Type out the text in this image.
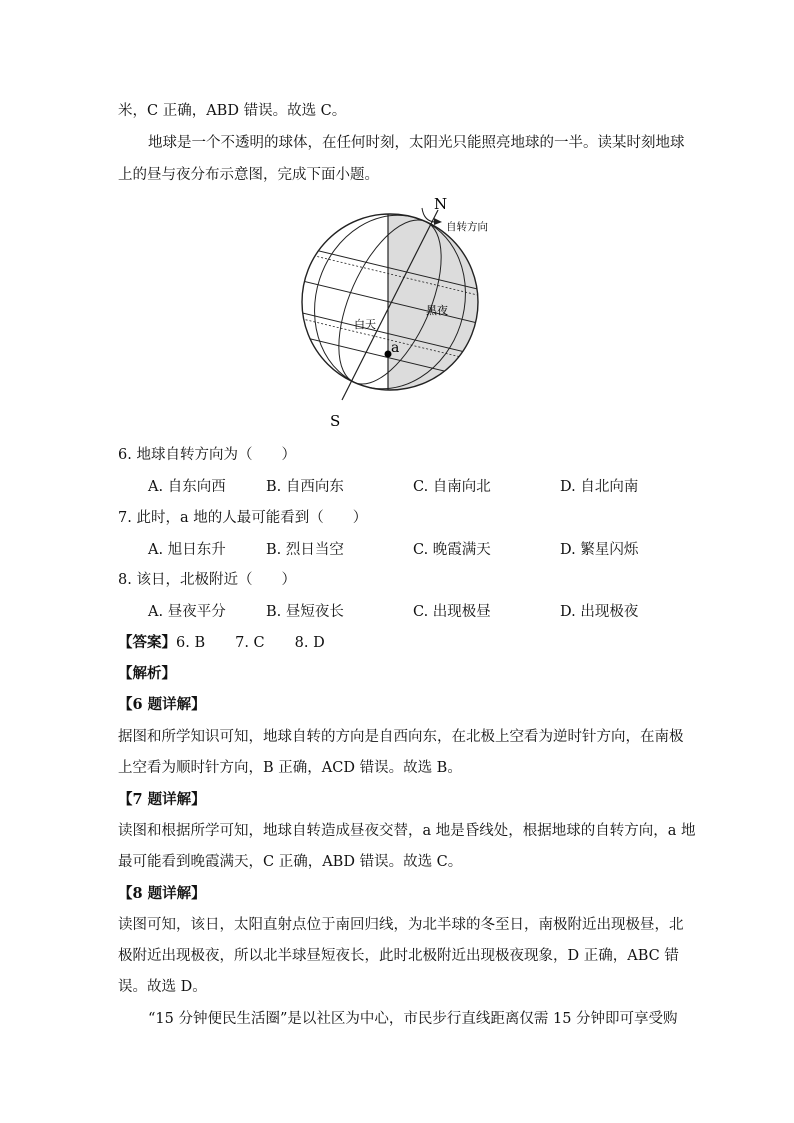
米，C 正确，ABD 错误。故选 C。
地球是一个不透明的球体，在任何时刻，太阳光只能照亮地球的一半。读某时刻地球
上的昼与夜分布示意图，完成下面小题。
N
S
自转方向
白天
黑夜
a
6. 地球自转方向为（　　）
A. 自东向西	B. 自西向东	C. 自南向北	D. 自北向南
7. 此时，a 地的人最可能看到（　　）
A. 旭日东升	B. 烈日当空	C. 晚霞满天	D. 繁星闪烁
8. 该日，北极附近（　　）
A. 昼夜平分	B. 昼短夜长	C. 出现极昼	D. 出现极夜
【答案】6. B 7. C 8. D
【解析】
【6 题详解】
据图和所学知识可知，地球自转的方向是自西向东，在北极上空看为逆时针方向，在南极
上空看为顺时针方向，B 正确，ACD 错误。故选 B。
【7 题详解】
读图和根据所学可知，地球自转造成昼夜交替，a 地是昏线处，根据地球的自转方向，a 地
最可能看到晚霞满天，C 正确，ABD 错误。故选 C。
【8 题详解】
读图可知，该日，太阳直射点位于南回归线，为北半球的冬至日，南极附近出现极昼，北
极附近出现极夜，所以北半球昼短夜长，此时北极附近出现极夜现象，D 正确，ABC 错
误。故选 D。
“15 分钟便民生活圈”是以社区为中心，市民步行直线距离仅需 15 分钟即可享受购
